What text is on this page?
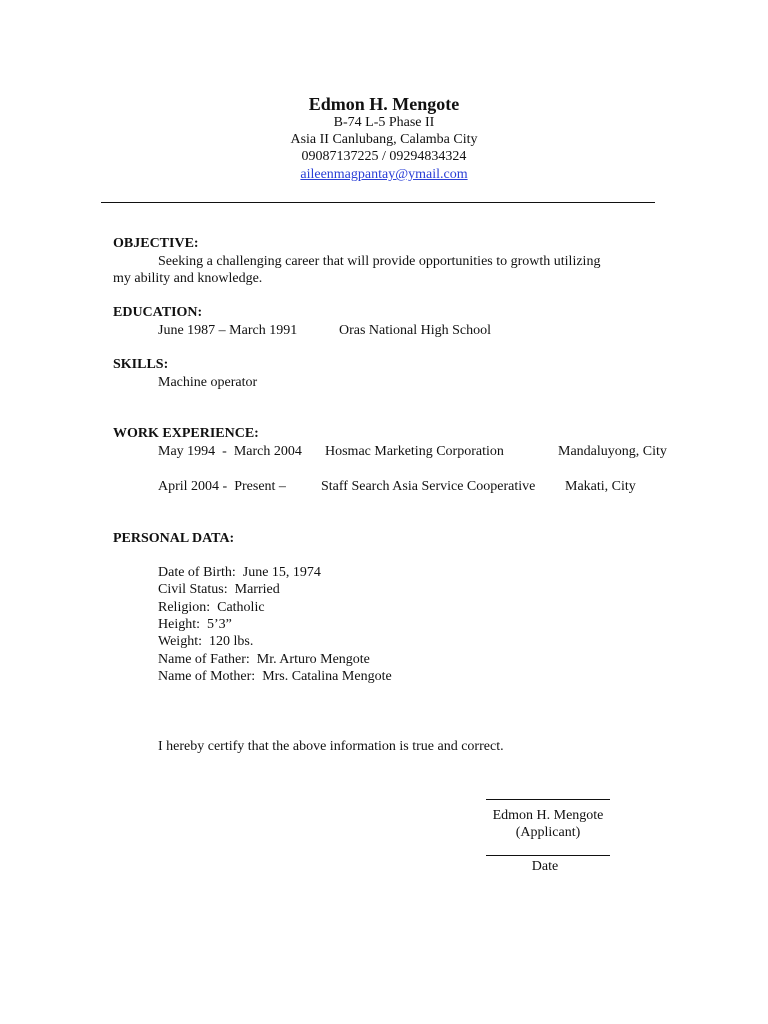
Edmon H. Mengote
B-74 L-5 Phase II
Asia II Canlubang, Calamba City
09087137225 / 09294834324
aileenmagpantay@ymail.com
OBJECTIVE:
Seeking a challenging career that will provide opportunities to growth utilizing
my ability and knowledge.
EDUCATION:
June 1987 – March 1991	Oras National High School
SKILLS:
Machine operator
WORK EXPERIENCE:
May 1994  -  March 2004 Hosmac Marketing Corporation	Mandaluyong, City
April 2004 -  Present –	Staff Search Asia Service Cooperative Makati, City
PERSONAL DATA:
Date of Birth:  June 15, 1974
Civil Status:  Married
Religion:  Catholic
Height:  5’3”
Weight:  120 lbs.
Name of Father:  Mr. Arturo Mengote
Name of Mother:  Mrs. Catalina Mengote
I hereby certify that the above information is true and correct.
Edmon H. Mengote
(Applicant)
Date
